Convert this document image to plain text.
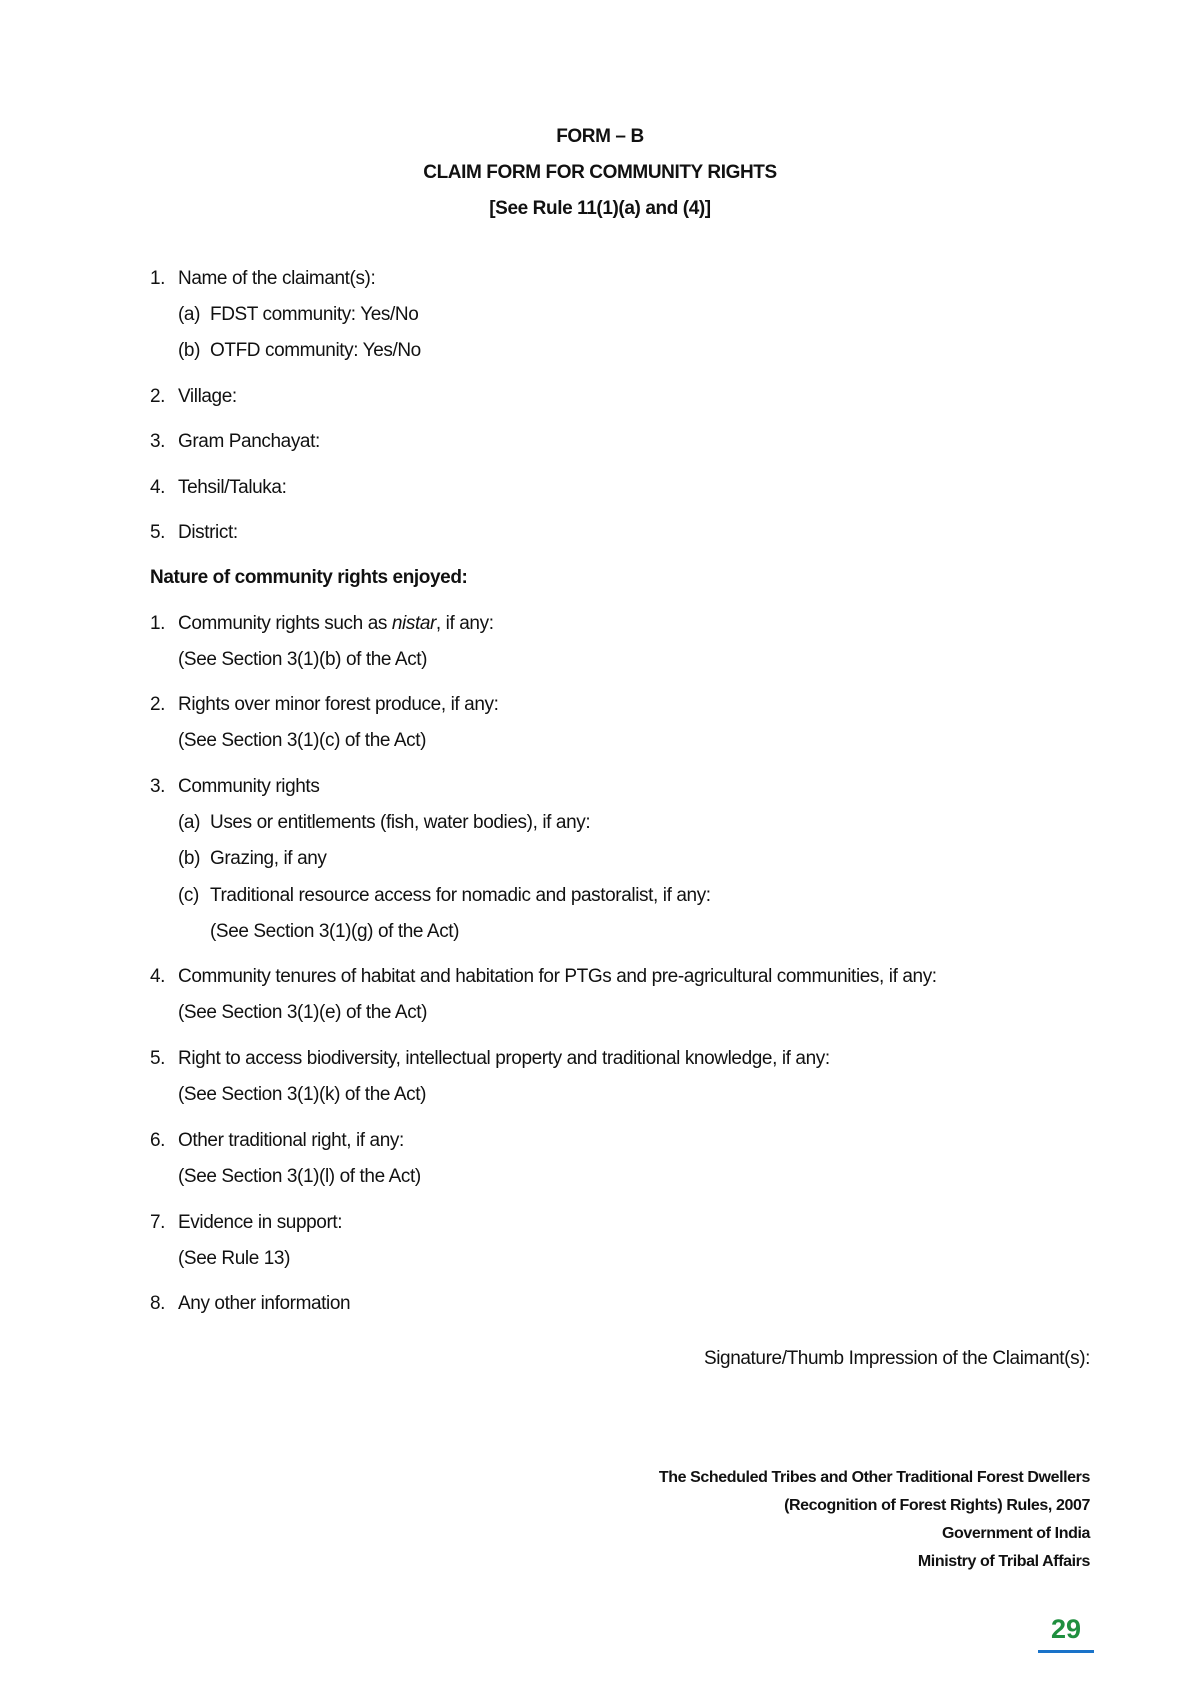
FORM – B
CLAIM FORM FOR COMMUNITY RIGHTS
[See Rule 11(1)(a) and (4)]
1. Name of the claimant(s):
(a) FDST community: Yes/No
(b) OTFD community: Yes/No
2. Village:
3. Gram Panchayat:
4. Tehsil/Taluka:
5. District:
Nature of community rights enjoyed:
1. Community rights such as nistar, if any:
(See Section 3(1)(b) of the Act)
2. Rights over minor forest produce, if any:
(See Section 3(1)(c) of the Act)
3. Community rights
(a) Uses or entitlements (fish, water bodies), if any:
(b) Grazing, if any
(c) Traditional resource access for nomadic and pastoralist, if any:
(See Section 3(1)(g) of the Act)
4. Community tenures of habitat and habitation for PTGs and pre-agricultural communities, if any:
(See Section 3(1)(e) of the Act)
5. Right to access biodiversity, intellectual property and traditional knowledge, if any:
(See Section 3(1)(k) of the Act)
6. Other traditional right, if any:
(See Section 3(1)(l) of the Act)
7. Evidence in support:
(See Rule 13)
8. Any other information
Signature/Thumb Impression of the Claimant(s):
The Scheduled Tribes and Other Traditional Forest Dwellers
(Recognition of Forest Rights) Rules, 2007
Government of India
Ministry of Tribal Affairs
29
